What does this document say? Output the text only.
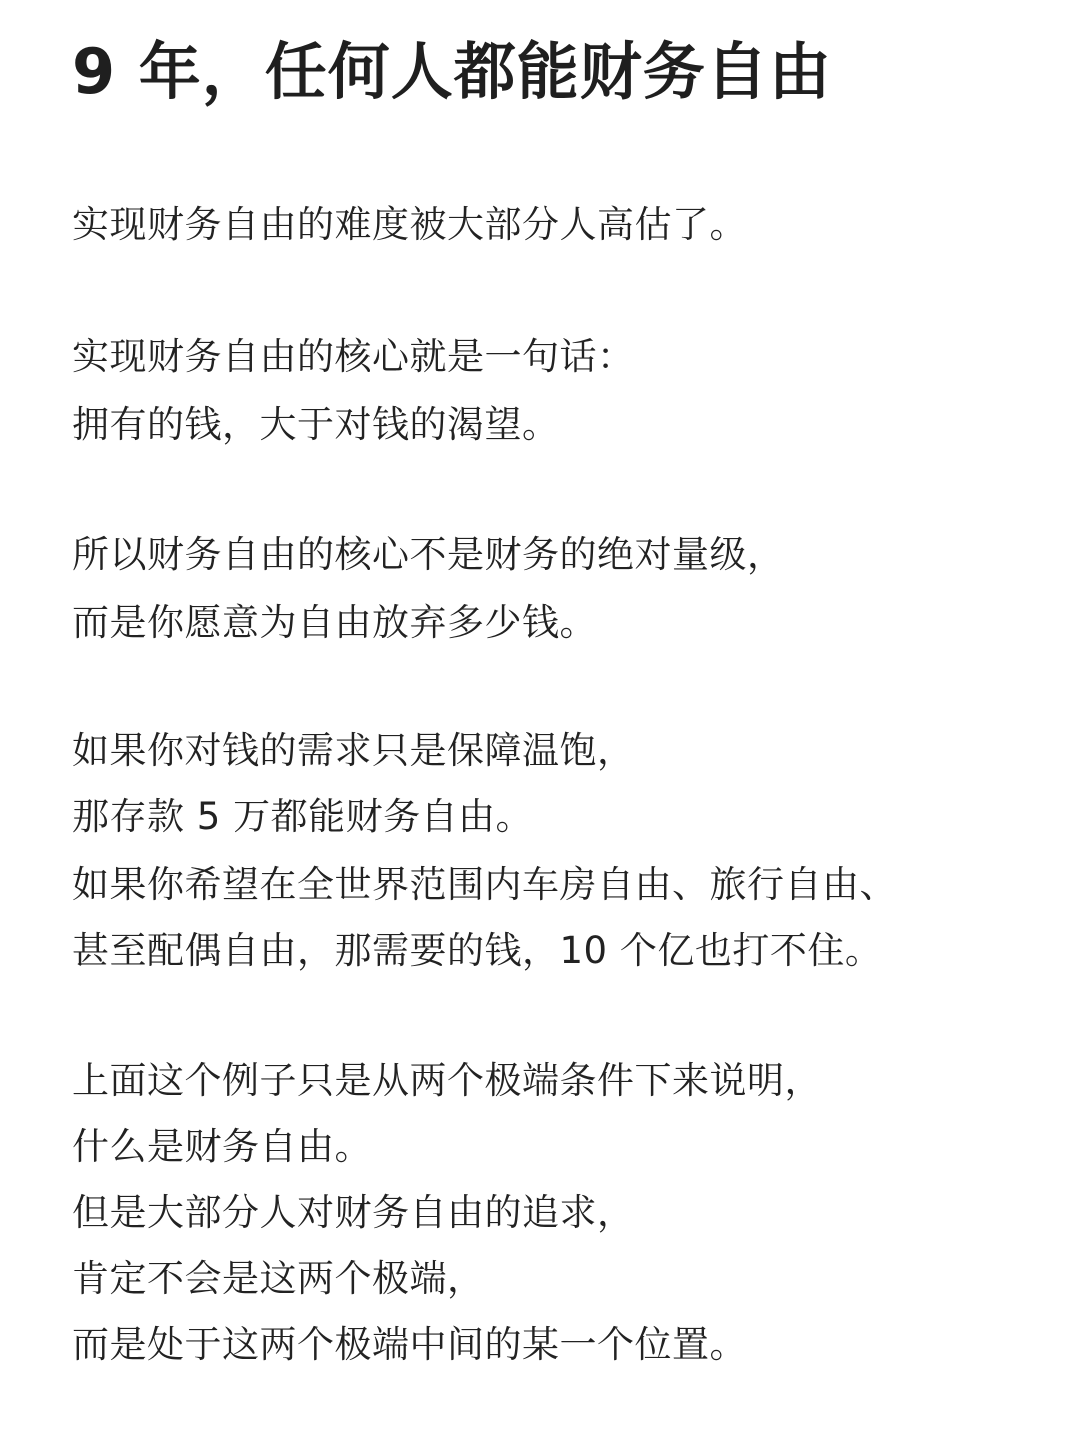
9 年，任何人都能财务自由
实现财务自由的难度被大部分人高估了。
实现财务自由的核心就是一句话：
拥有的钱，大于对钱的渴望。
所以财务自由的核心不是财务的绝对量级，
而是你愿意为自由放弃多少钱。
如果你对钱的需求只是保障温饱，
那存款 5 万都能财务自由。
如果你希望在全世界范围内车房自由、旅行自由、
甚至配偶自由，那需要的钱，10 个亿也打不住。
上面这个例子只是从两个极端条件下来说明，
什么是财务自由。
但是大部分人对财务自由的追求，
肯定不会是这两个极端，
而是处于这两个极端中间的某一个位置。
